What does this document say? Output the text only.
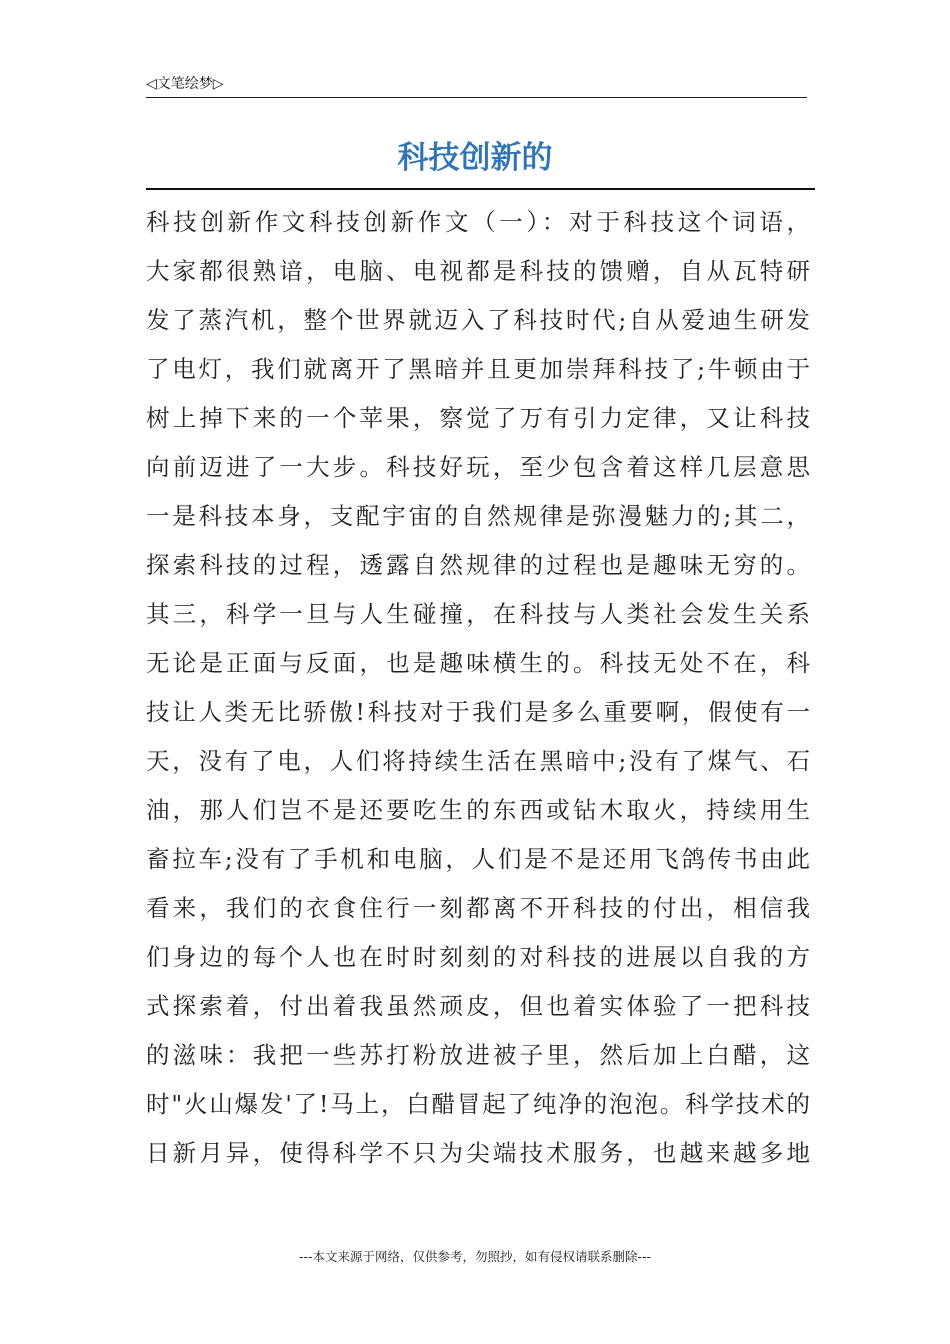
◁文笔绘梦▷
科技创新的
科技创新作文科技创新作文（一）：对于科技这个词语，
大家都很熟谙，电脑、电视都是科技的馈赠，自从瓦特研
发了蒸汽机，整个世界就迈入了科技时代;自从爱迪生研发
了电灯，我们就离开了黑暗并且更加崇拜科技了;牛顿由于
树上掉下来的一个苹果，察觉了万有引力定律，又让科技
向前迈进了一大步。科技好玩，至少包含着这样几层意思
一是科技本身，支配宇宙的自然规律是弥漫魅力的;其二，
探索科技的过程，透露自然规律的过程也是趣味无穷的。
其三，科学一旦与人生碰撞，在科技与人类社会发生关系
无论是正面与反面，也是趣味横生的。科技无处不在，科
技让人类无比骄傲!科技对于我们是多么重要啊，假使有一
天，没有了电，人们将持续生活在黑暗中;没有了煤气、石
油，那人们岂不是还要吃生的东西或钻木取火，持续用生
畜拉车;没有了手机和电脑，人们是不是还用飞鸽传书由此
看来，我们的衣食住行一刻都离不开科技的付出，相信我
们身边的每个人也在时时刻刻的对科技的进展以自我的方
式探索着，付出着我虽然顽皮，但也着实体验了一把科技
的滋味：我把一些苏打粉放进被子里，然后加上白醋，这
时"火山爆发'了!马上，白醋冒起了纯净的泡泡。科学技术的
日新月异，使得科学不只为尖端技术服务，也越来越多地
---本文来源于网络，仅供参考，勿照抄，如有侵权请联系删除---
